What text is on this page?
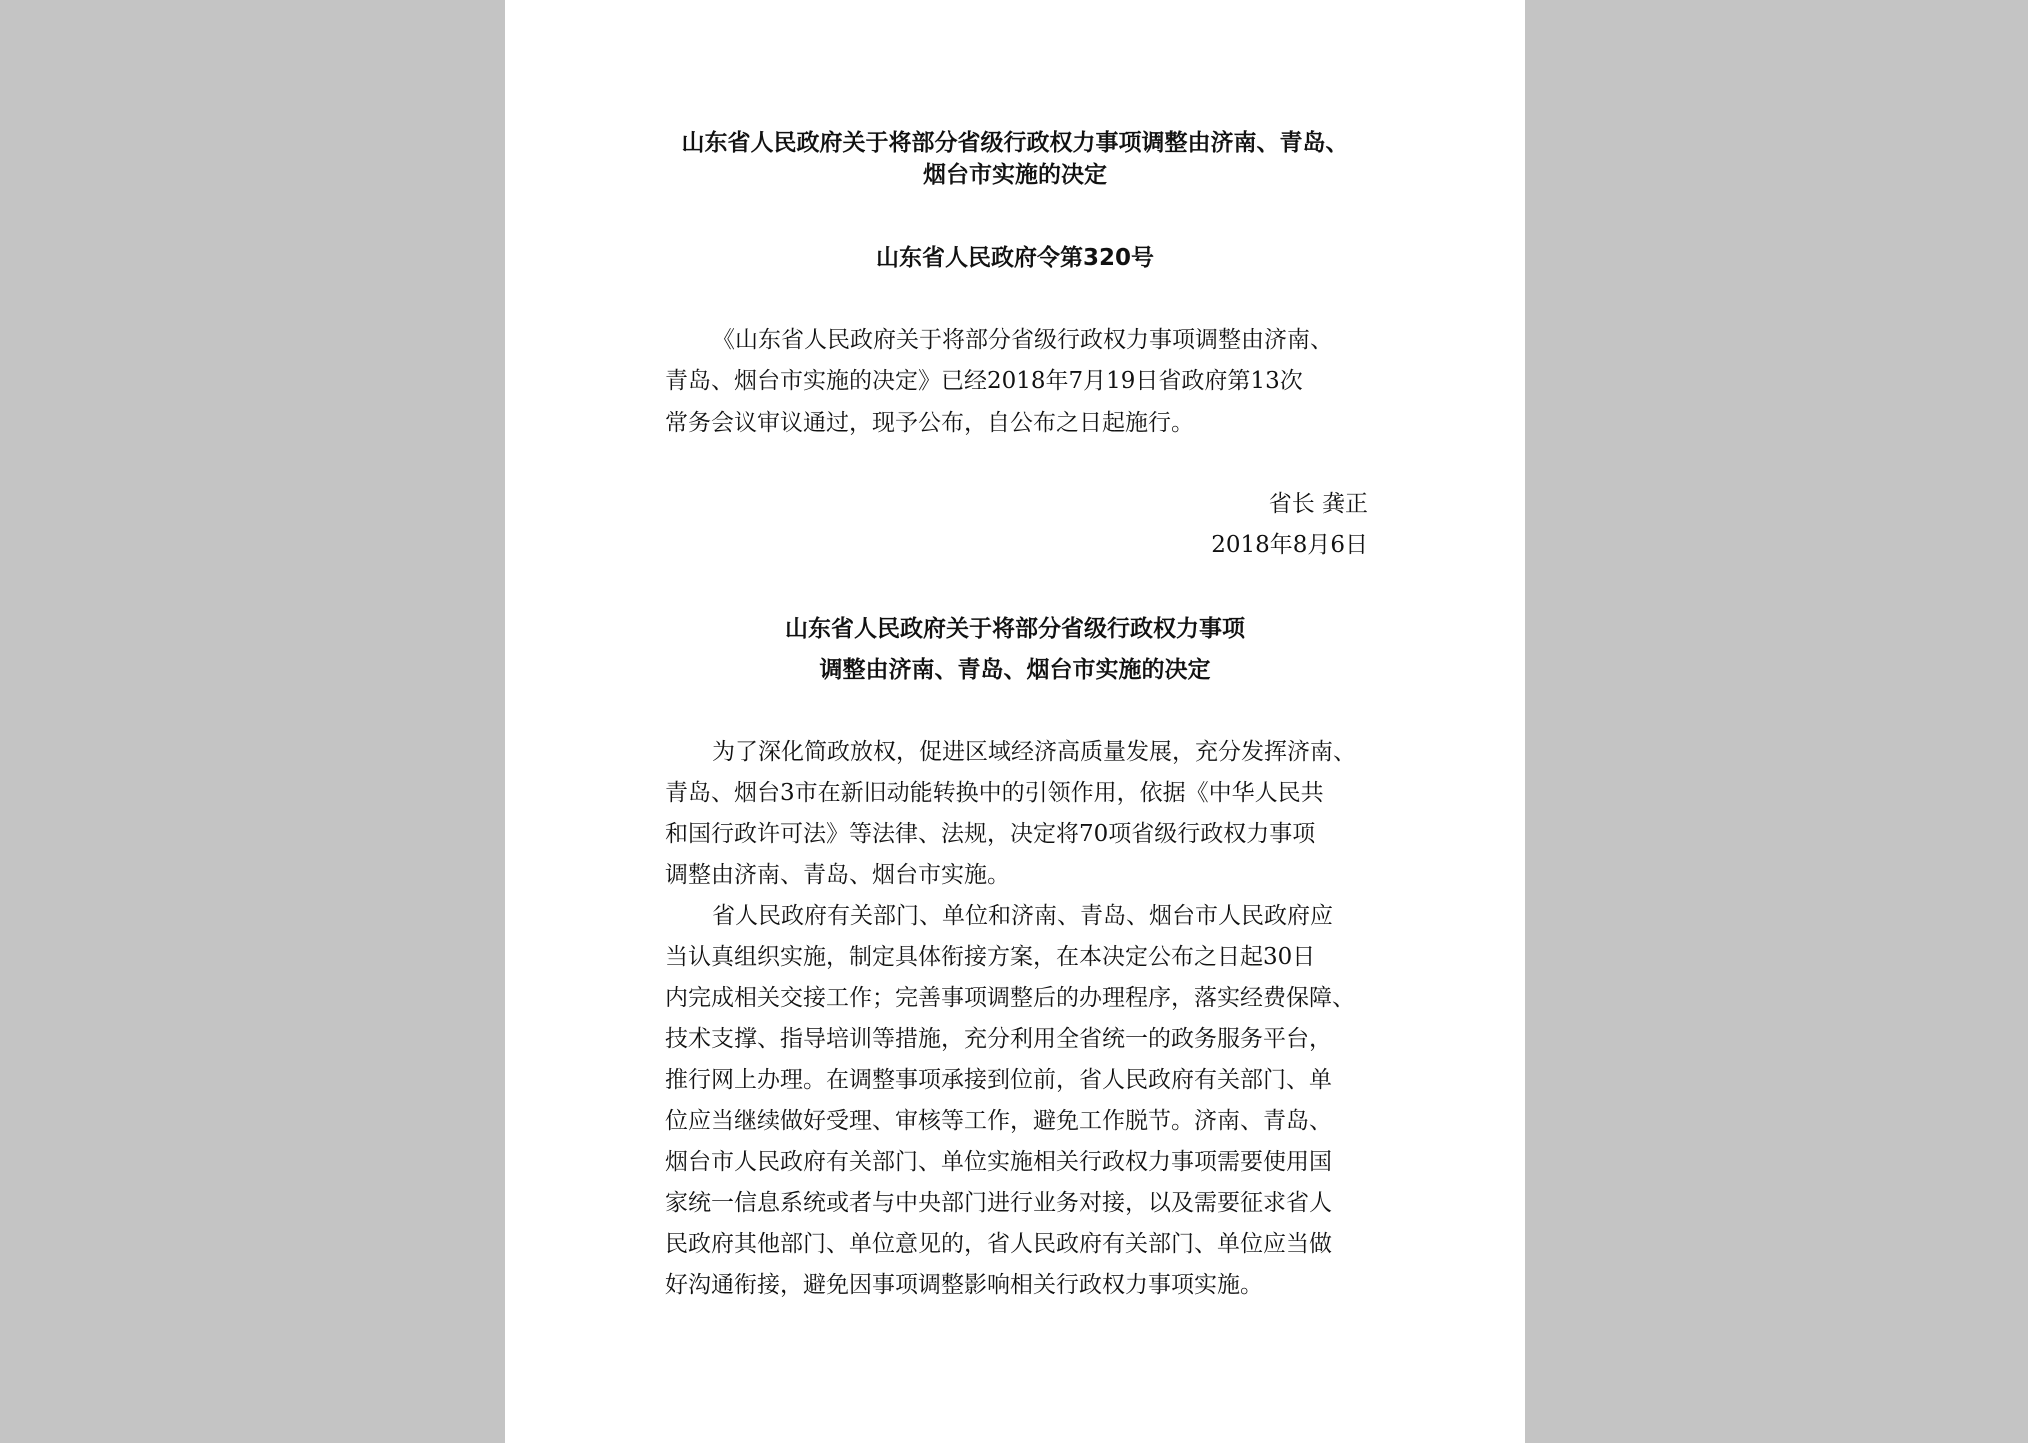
山东省人民政府关于将部分省级行政权力事项调整由济南、青岛、
烟台市实施的决定
山东省人民政府令第320号
《山东省人民政府关于将部分省级行政权力事项调整由济南、
青岛、烟台市实施的决定》已经2018年7月19日省政府第13次
常务会议审议通过，现予公布，自公布之日起施行。
省长 龚正
2018年8月6日
山东省人民政府关于将部分省级行政权力事项
调整由济南、青岛、烟台市实施的决定
为了深化简政放权，促进区域经济高质量发展，充分发挥济南、
青岛、烟台3市在新旧动能转换中的引领作用，依据《中华人民共
和国行政许可法》等法律、法规，决定将70项省级行政权力事项
调整由济南、青岛、烟台市实施。
省人民政府有关部门、单位和济南、青岛、烟台市人民政府应
当认真组织实施，制定具体衔接方案，在本决定公布之日起30日
内完成相关交接工作；完善事项调整后的办理程序，落实经费保障、
技术支撑、指导培训等措施，充分利用全省统一的政务服务平台，
推行网上办理。在调整事项承接到位前，省人民政府有关部门、单
位应当继续做好受理、审核等工作，避免工作脱节。济南、青岛、
烟台市人民政府有关部门、单位实施相关行政权力事项需要使用国
家统一信息系统或者与中央部门进行业务对接，以及需要征求省人
民政府其他部门、单位意见的，省人民政府有关部门、单位应当做
好沟通衔接，避免因事项调整影响相关行政权力事项实施。
